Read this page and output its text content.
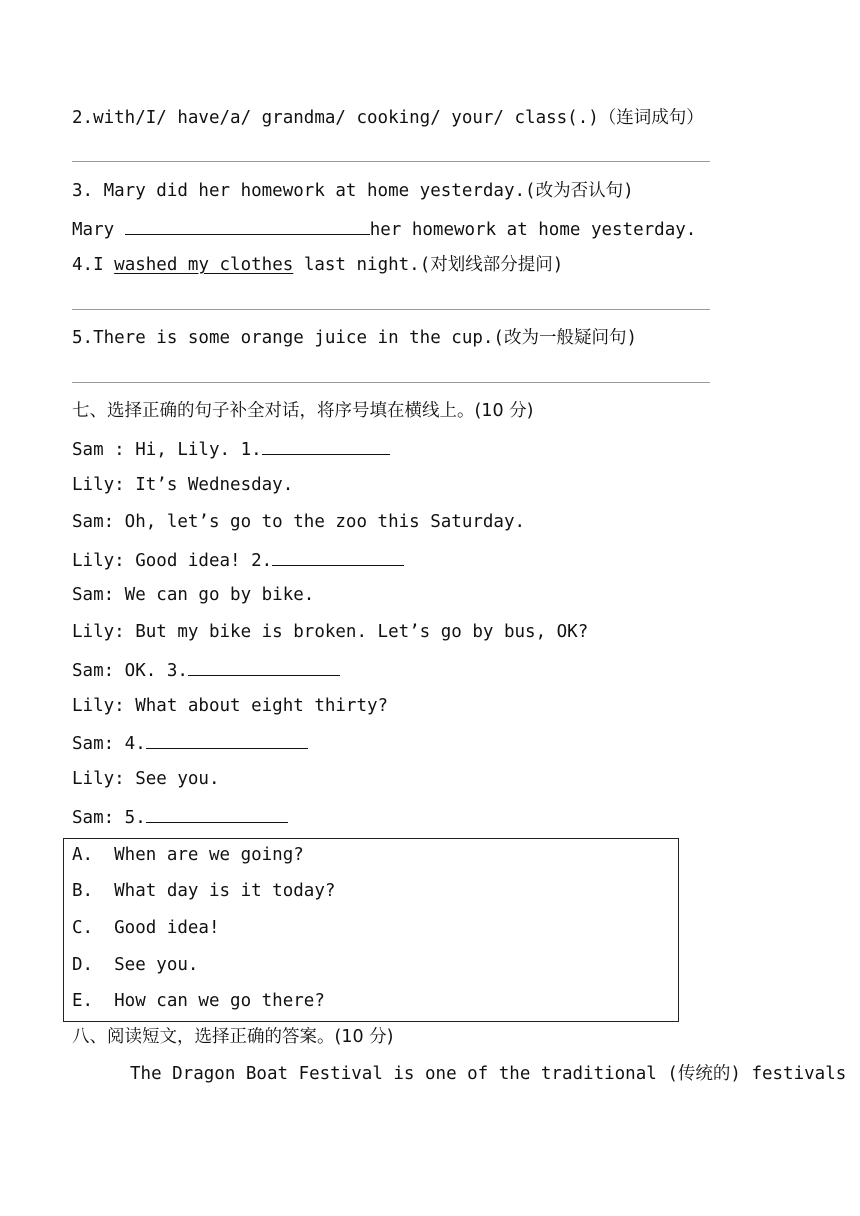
2.with/I/ have/a/ grandma/ cooking/ your/ class(.)（连词成句）
3. Mary did her homework at home yesterday.(改为否认句)
Mary	her homework at home yesterday.
4.I washed my clothes last night.(对划线部分提问)
5.There is some orange juice in the cup.(改为一般疑问句)
七、选择正确的句子补全对话，将序号填在横线上。(10 分)
Sam : Hi, Lily. 1.
Lily: It’s Wednesday.
Sam: Oh, let’s go to the zoo this Saturday.
Lily: Good idea! 2.
Sam: We can go by bike.
Lily: But my bike is broken. Let’s go by bus, OK?
Sam: OK. 3.
Lily: What about eight thirty?
Sam: 4.
Lily: See you.
Sam: 5.
A.  When are we going?
B.  What day is it today?
C.  Good idea!
D.  See you.
E.  How can we go there?
八、阅读短文，选择正确的答案。(10 分)
The Dragon Boat Festival is one of the traditional (传统的) festivals
